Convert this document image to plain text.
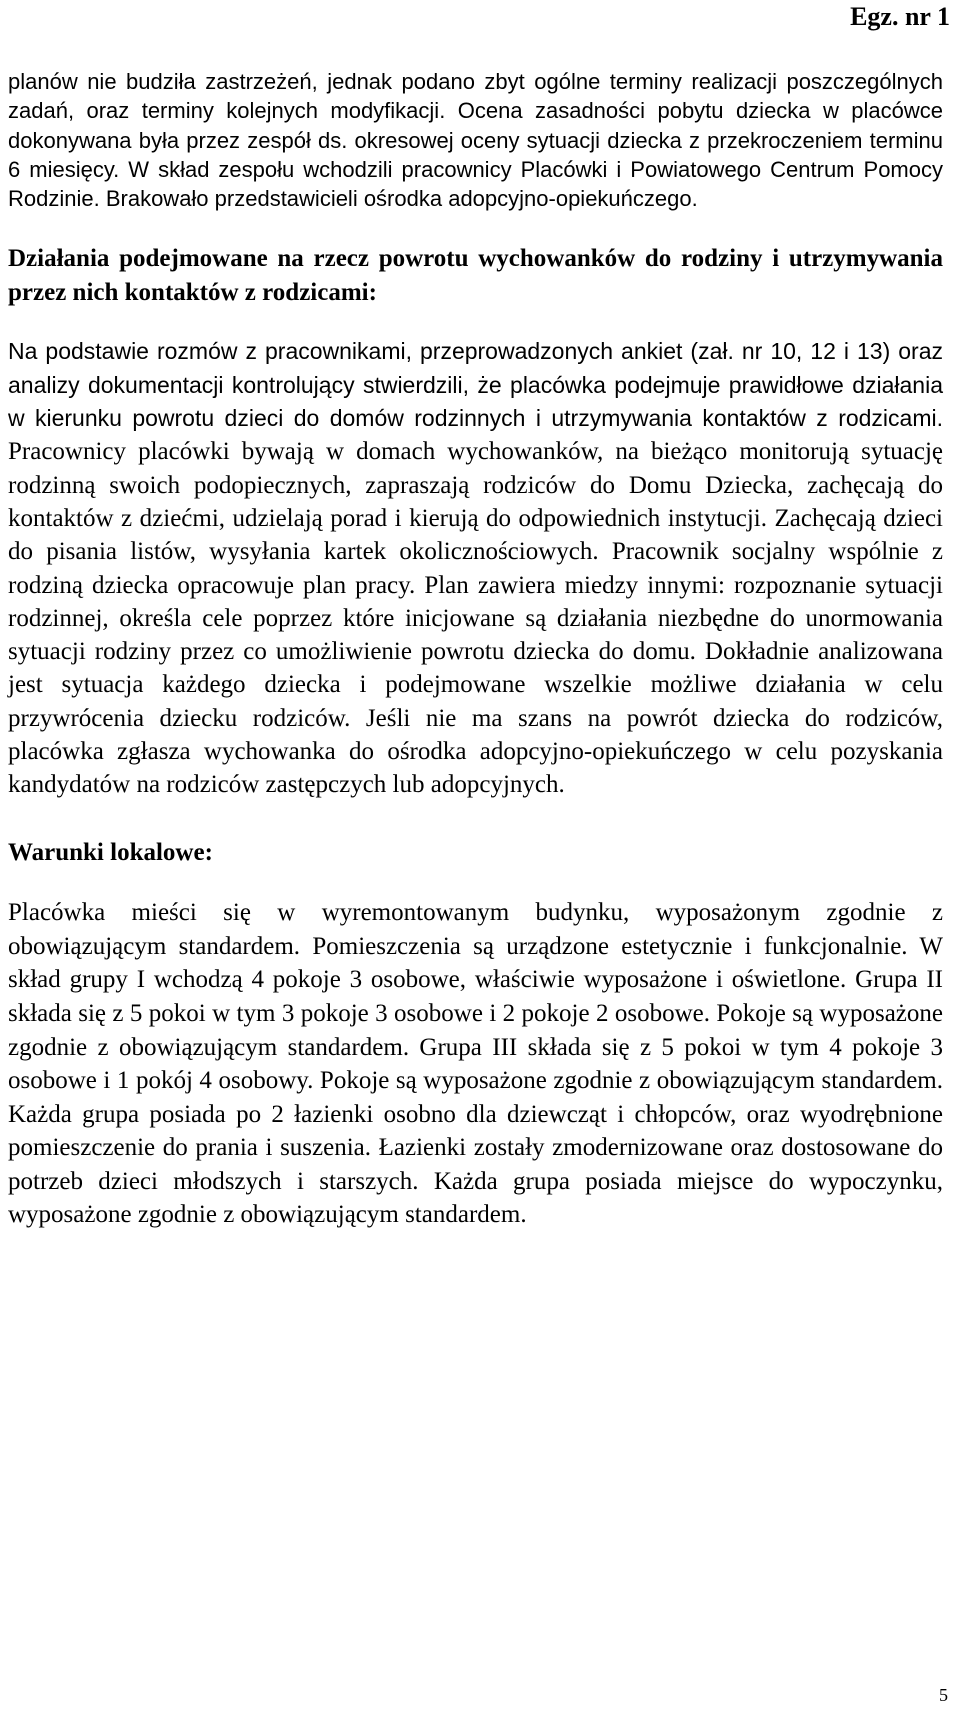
Egz. nr 1

planów nie budziła zastrzeżeń, jednak podano zbyt ogólne terminy realizacji poszczególnych zadań, oraz terminy kolejnych modyfikacji. Ocena zasadności pobytu dziecka w placówce dokonywana była przez zespół ds. okresowej oceny sytuacji dziecka z przekroczeniem terminu 6 miesięcy. W skład zespołu wchodzili pracownicy Placówki i Powiatowego Centrum Pomocy Rodzinie. Brakowało przedstawicieli ośrodka adopcyjno-opiekuńczego.

Działania podejmowane na rzecz powrotu wychowanków do rodziny i utrzymywania przez nich kontaktów z rodzicami:

Na podstawie rozmów z pracownikami, przeprowadzonych ankiet (zał. nr 10, 12 i 13) oraz analizy dokumentacji kontrolujący stwierdzili, że placówka podejmuje prawidłowe działania w kierunku powrotu dzieci do domów rodzinnych i utrzymywania kontaktów z rodzicami. Pracownicy placówki bywają w domach wychowanków, na bieżąco monitorują sytuację rodzinną swoich podopiecznych, zapraszają rodziców do Domu Dziecka, zachęcają do kontaktów z dziećmi, udzielają porad i kierują do odpowiednich instytucji. Zachęcają dzieci do pisania listów, wysyłania kartek okolicznościowych. Pracownik socjalny wspólnie z rodziną dziecka opracowuje plan pracy. Plan zawiera miedzy innymi: rozpoznanie sytuacji rodzinnej, określa cele poprzez które inicjowane są działania niezbędne do unormowania sytuacji rodziny przez co umożliwienie powrotu dziecka do domu. Dokładnie analizowana jest sytuacja każdego dziecka i podejmowane wszelkie możliwe działania w celu przywrócenia dziecku rodziców. Jeśli nie ma szans na powrót dziecka do rodziców, placówka zgłasza wychowanka do ośrodka adopcyjno-opiekuńczego w celu pozyskania kandydatów na rodziców zastępczych lub adopcyjnych.

Warunki lokalowe:

Placówka mieści się w wyremontowanym budynku, wyposażonym zgodnie z obowiązującym standardem. Pomieszczenia są urządzone estetycznie i funkcjonalnie. W skład grupy I wchodzą 4 pokoje 3 osobowe, właściwie wyposażone i oświetlone. Grupa II składa się z 5 pokoi w tym 3 pokoje 3 osobowe i 2 pokoje 2 osobowe. Pokoje są wyposażone zgodnie z obowiązującym standardem. Grupa III składa się z 5 pokoi w tym 4 pokoje 3 osobowe i 1 pokój 4 osobowy. Pokoje są wyposażone zgodnie z obowiązującym standardem. Każda grupa posiada po 2 łazienki osobno dla dziewcząt i chłopców, oraz wyodrębnione pomieszczenie do prania i suszenia. Łazienki zostały zmodernizowane oraz dostosowane do potrzeb dzieci młodszych i starszych. Każda grupa posiada miejsce do wypoczynku, wyposażone zgodnie z obowiązującym standardem.

5
